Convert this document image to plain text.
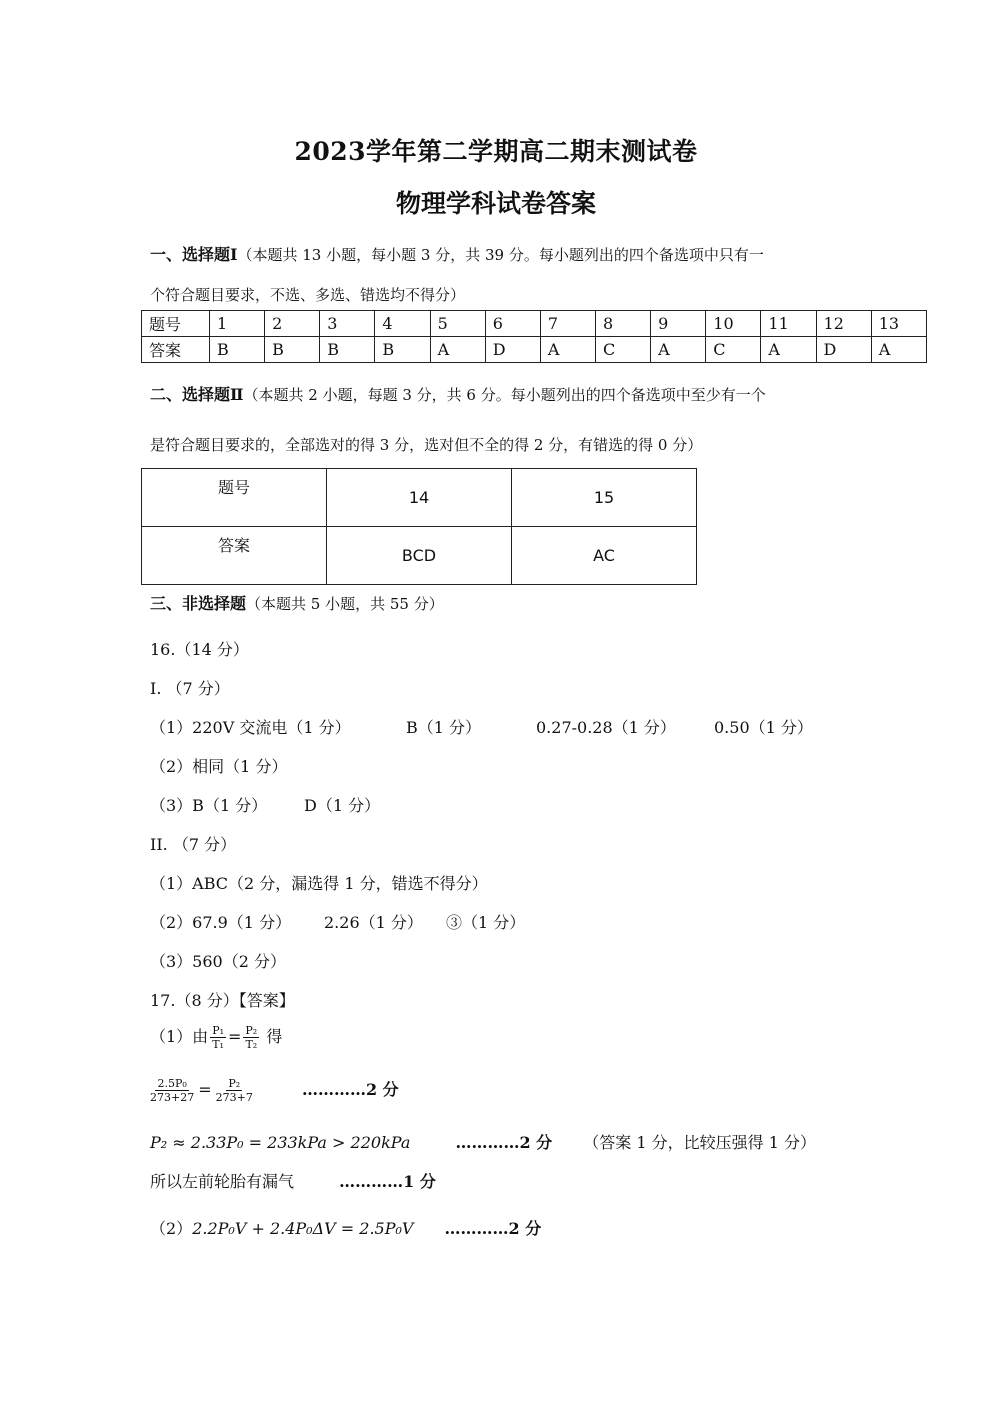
2023学年第二学期高二期末测试卷
物理学科试卷答案
一、选择题Ⅰ（本题共 13 小题，每小题 3 分，共 39 分。每小题列出的四个备选项中只有一
个符合题目要求，不选、多选、错选均不得分）
题号	1	2	3	4	5	6	7	8	9	10	11	12	13
答案	B	B	B	B	A	D	A	C	A	C	A	D	A
二、选择题Ⅱ（本题共 2 小题，每题 3 分，共 6 分。每小题列出的四个备选项中至少有一个
是符合题目要求的，全部选对的得 3 分，选对但不全的得 2 分，有错选的得 0 分）
题号	14	15
答案	BCD	AC
三、非选择题（本题共 5 小题，共 55 分）
16.（14 分）
I. （7 分）
（1）220V 交流电（1 分）	B（1 分）	0.27-0.28（1 分） 0.50（1 分）
（2）相同（1 分）
（3）B（1 分） D（1 分）
II. （7 分）
（1）ABC（2 分，漏选得 1 分，错选不得分）
（2）67.9（1 分） 2.26（1 分） ③（1 分）
（3）560（2 分）
17.（8 分）【答案】
（1）由 $\frac{\text{P₁}}{\text{T₁}} = \frac{\text{P₂}}{\text{T₂}}$ 得
$\frac{\text{2.5P₀}}{273+27} = \frac{\text{P₂}}{273+7}$	…………2 分
P₂ ≈ 2.33P₀ = 233kPa > 220kPa	…………2 分 （答案 1 分，比较压强得 1 分）
所以左前轮胎有漏气	…………1 分
（2）2.2P₀V + 2.4P₀ΔV = 2.5P₀V …………2 分
